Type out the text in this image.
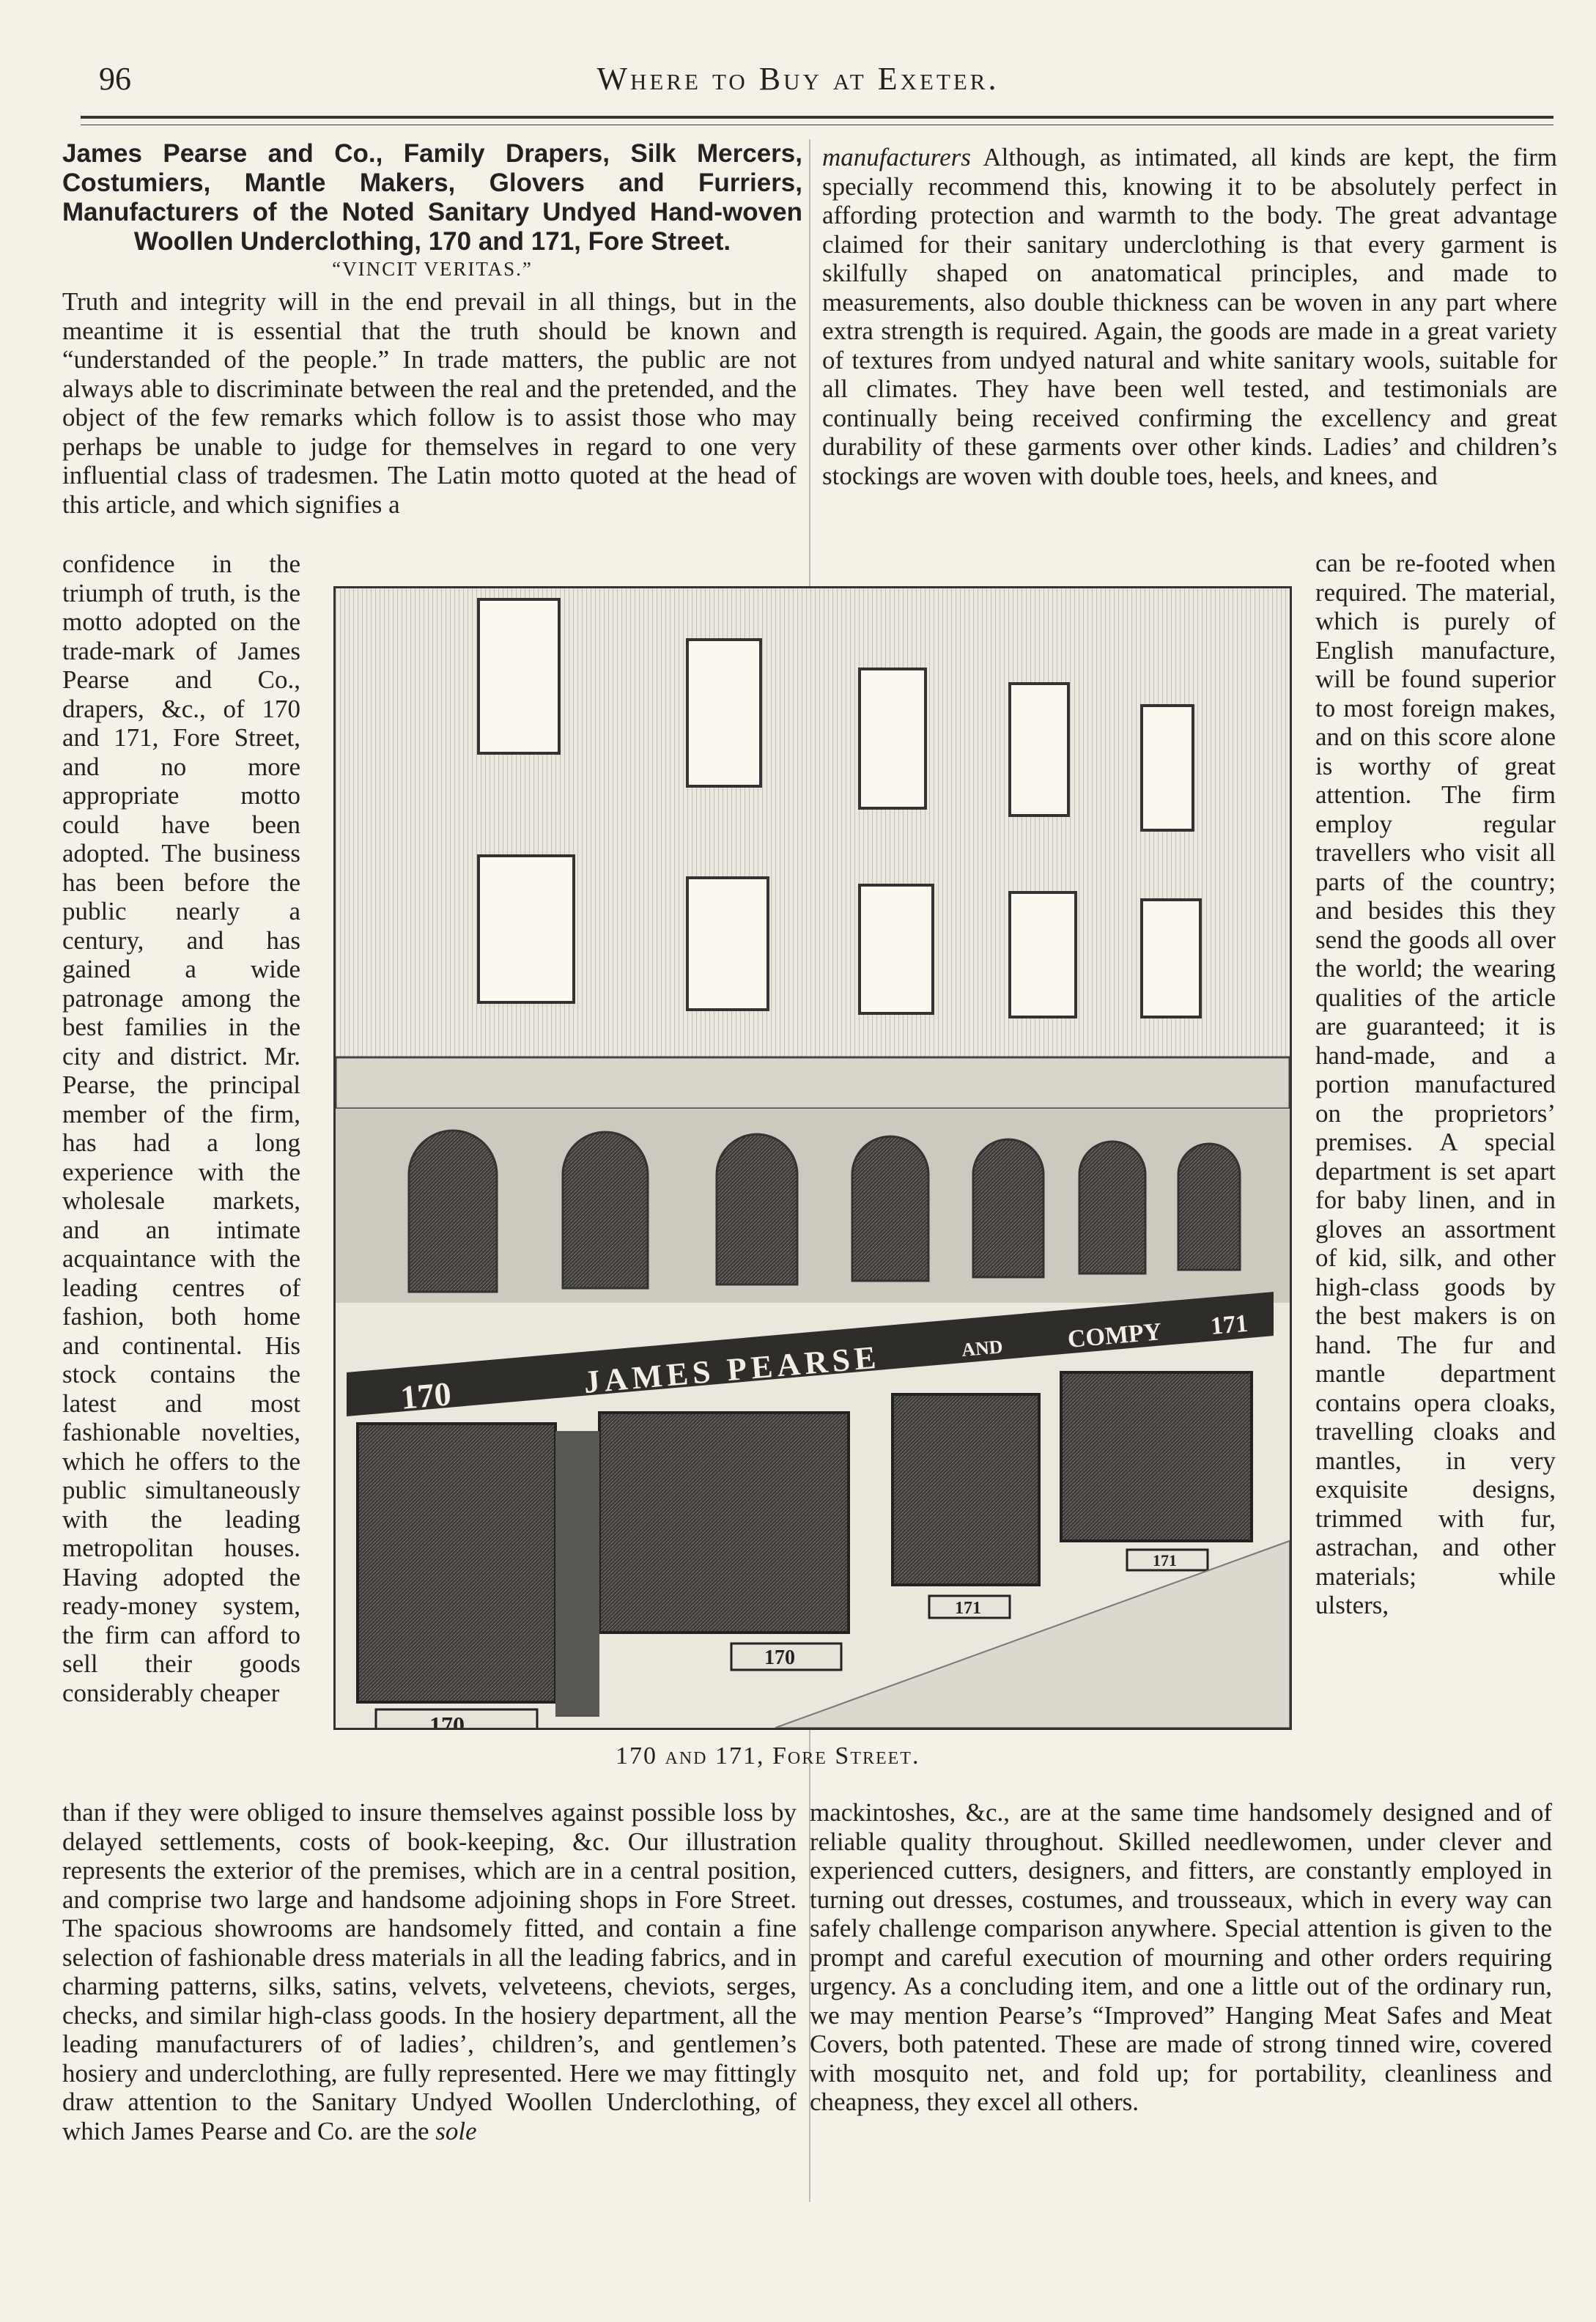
96	Where to Buy at Exeter.
James Pearse and Co., Family Drapers, Silk Mercers, Costumiers, Mantle Makers, Glovers and Furriers, Manufacturers of the Noted Sanitary Undyed Hand-woven Woollen Underclothing, 170 and 171, Fore Street.
“VINCIT VERITAS.”
Truth and integrity will in the end prevail in all things, but in the meantime it is essential that the truth should be known and “understanded of the people.” In trade matters, the public are not always able to discriminate between the real and the pretended, and the object of the few remarks which follow is to assist those who may perhaps be unable to judge for themselves in regard to one very influential class of tradesmen. The Latin motto quoted at the head of this article, and which signifies a
confidence in the triumph of truth, is the motto adopted on the trade-mark of James Pearse and Co., drapers, &c., of 170 and 171, Fore Street, and no more appropriate motto could have been adopted. The business has been before the public nearly a century, and has gained a wide patronage among the best families in the city and district. Mr. Pearse, the principal member of the firm, has had a long experience with the wholesale markets, and an intimate acquaintance with the leading centres of fashion, both home and continental. His stock contains the latest and most fashionable novelties, which he offers to the public simultaneously with the leading metropolitan houses. Having adopted the ready-money system, the firm can afford to sell their goods considerably cheaper
than if they were obliged to insure themselves against possible loss by delayed settlements, costs of book-keeping, &c. Our illustration represents the exterior of the premises, which are in a central position, and comprise two large and handsome adjoining shops in Fore Street. The spacious showrooms are handsomely fitted, and contain a fine selection of fashionable dress materials in all the leading fabrics, and in charming patterns, silks, satins, velvets, velveteens, cheviots, serges, checks, and similar high-class goods. In the hosiery department, all the leading manufacturers of of ladies’, children’s, and gentlemen’s hosiery and underclothing, are fully represented. Here we may fittingly draw attention to the Sanitary Undyed Woollen Underclothing, of which James Pearse and Co. are the sole
manufacturers Although, as intimated, all kinds are kept, the firm specially recommend this, knowing it to be absolutely perfect in affording protection and warmth to the body. The great advantage claimed for their sanitary underclothing is that every garment is skilfully shaped on anatomatical principles, and made to measurements, also double thickness can be woven in any part where extra strength is required. Again, the goods are made in a great variety of textures from undyed natural and white sanitary wools, suitable for all climates. They have been well tested, and testimonials are continually being received confirming the excellency and great durability of these garments over other kinds. Ladies’ and children’s stockings are woven with double toes, heels, and knees, and
can be re-footed when required. The material, which is purely of English manufacture, will be found superior to most foreign makes, and on this score alone is worthy of great attention. The firm employ regular travellers who visit all parts of the country; and besides this they send the goods all over the world; the wearing qualities of the article are guaranteed; it is hand-made, and a portion manufactured on the proprietors’ premises. A special department is set apart for baby linen, and in gloves an assortment of kid, silk, and other high-class goods by the best makers is on hand. The fur and mantle department contains opera cloaks, travelling cloaks and mantles, in very exquisite designs, trimmed with fur, astrachan, and other materials; while ulsters,
mackintoshes, &c., are at the same time handsomely designed and of reliable quality throughout. Skilled needlewomen, under clever and experienced cutters, designers, and fitters, are constantly employed in turning out dresses, costumes, and trousseaux, which in every way can safely challenge comparison anywhere. Special attention is given to the prompt and careful execution of mourning and other orders requiring urgency. As a concluding item, and one a little out of the ordinary run, we may mention Pearse’s “Improved” Hanging Meat Safes and Meat Covers, both patented. These are made of strong tinned wire, covered with mosquito net, and fold up; for portability, cleanliness and cheapness, they excel all others.
170	JAMES PEARSE	AND	COMPY 171
170
170
171
171
170 and 171, Fore Street.
